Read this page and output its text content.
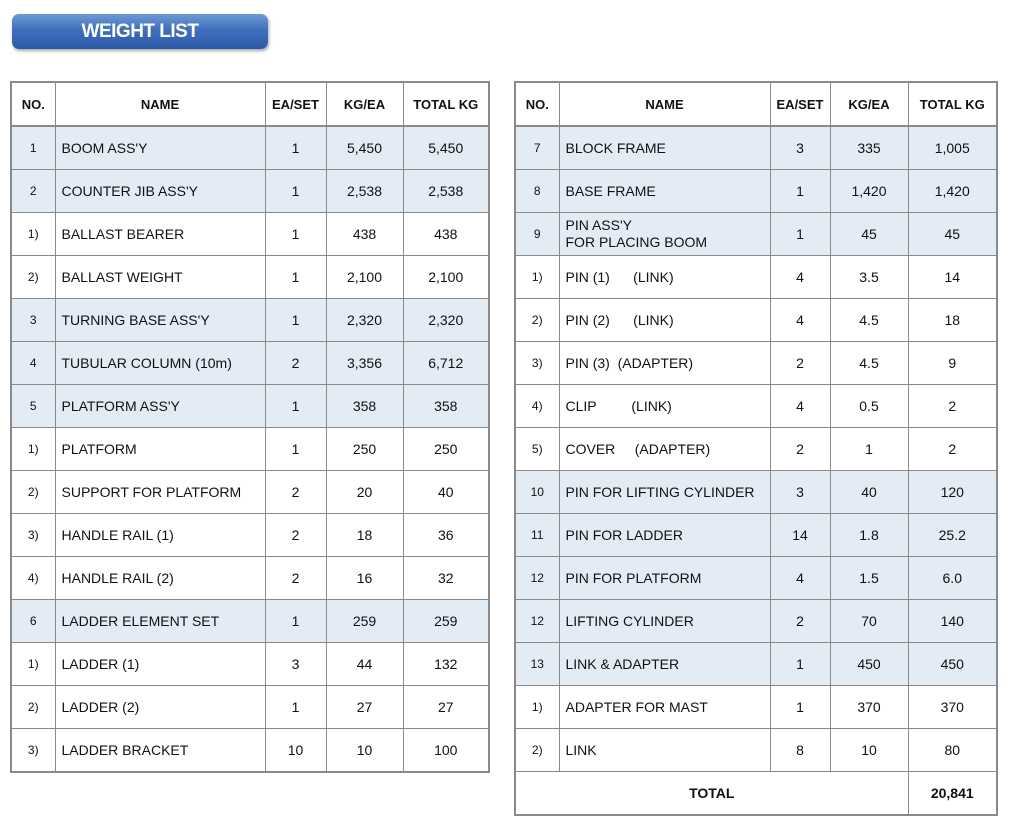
WEIGHT LIST
NO.	NAME	EA/SET	KG/EA	TOTAL KG
1	BOOM ASS'Y	1	5,450	5,450
2	COUNTER JIB ASS'Y	1	2,538	2,538
1)	BALLAST BEARER	1	438	438
2)	BALLAST WEIGHT	1	2,100	2,100
3	TURNING BASE ASS'Y	1	2,320	2,320
4	TUBULAR COLUMN (10m)	2	3,356	6,712
5	PLATFORM ASS'Y	1	358	358
1)	PLATFORM	1	250	250
2)	SUPPORT FOR PLATFORM	2	20	40
3)	HANDLE RAIL (1)	2	18	36
4)	HANDLE RAIL (2)	2	16	32
6	LADDER ELEMENT SET	1	259	259
1)	LADDER (1)	3	44	132
2)	LADDER (2)	1	27	27
3)	LADDER BRACKET	10	10	100
NO.	NAME	EA/SET	KG/EA	TOTAL KG
7	BLOCK FRAME	3	335	1,005
8	BASE FRAME	1	1,420	1,420
9	PIN ASS'Y
FOR PLACING BOOM	1	45	45
1)	PIN (1)      (LINK)	4	3.5	14
2)	PIN (2)      (LINK)	4	4.5	18
3)	PIN (3)  (ADAPTER)	2	4.5	9
4)	CLIP         (LINK)	4	0.5	2
5)	COVER     (ADAPTER)	2	1	2
10	PIN FOR LIFTING CYLINDER	3	40	120
11	PIN FOR LADDER	14	1.8	25.2
12	PIN FOR PLATFORM	4	1.5	6.0
12	LIFTING CYLINDER	2	70	140
13	LINK & ADAPTER	1	450	450
1)	ADAPTER FOR MAST	1	370	370
2)	LINK	8	10	80
TOTAL				20,841
